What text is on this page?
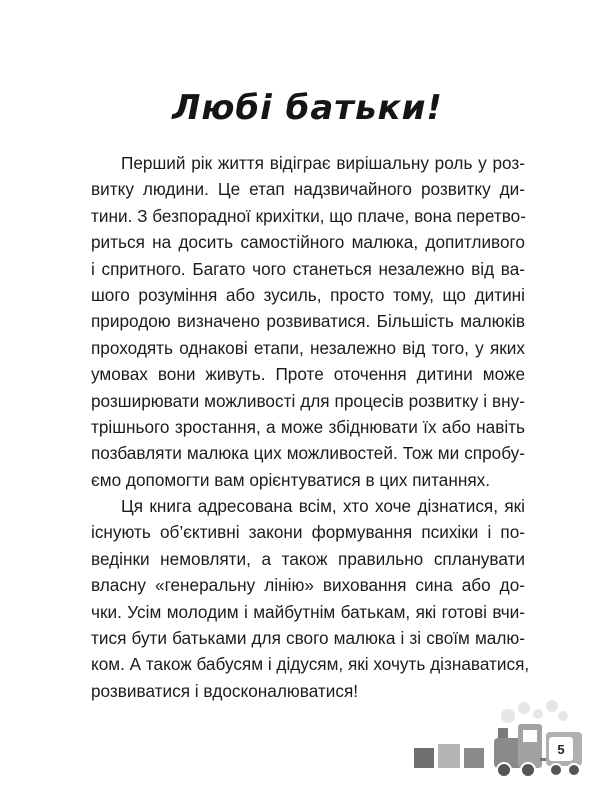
Любі батьки!
Перший рік життя відіграє вирішальну роль у роз-
витку людини. Це етап надзвичайного розвитку ди-
тини. З безпорадної крихітки, що плаче, вона перетво-
риться на досить самостійного малюка, допитливого
і спритного. Багато чого станеться незалежно від ва-
шого розуміння або зусиль, просто тому, що дитині
природою визначено розвиватися. Більшість малюків
проходять однакові етапи, незалежно від того, у яких
умовах вони живуть. Проте оточення дитини може
розширювати можливості для процесів розвитку і вну-
трішнього зростання, а може збіднювати їх або навіть
позбавляти малюка цих можливостей. Тож ми спробу-
ємо допомогти вам орієнтуватися в цих питаннях.
Ця книга адресована всім, хто хоче дізнатися, які
існують об’єктивні закони формування психіки і по-
ведінки немовляти, а також правильно спланувати
власну «генеральну лінію» виховання сина або до-
чки. Усім молодим і майбутнім батькам, які готові вчи-
тися бути батьками для свого малюка і зі своїм малю-
ком. А також бабусям і дідусям, які хочуть дізнаватися,
розвиватися і вдосконалюватися!
5
